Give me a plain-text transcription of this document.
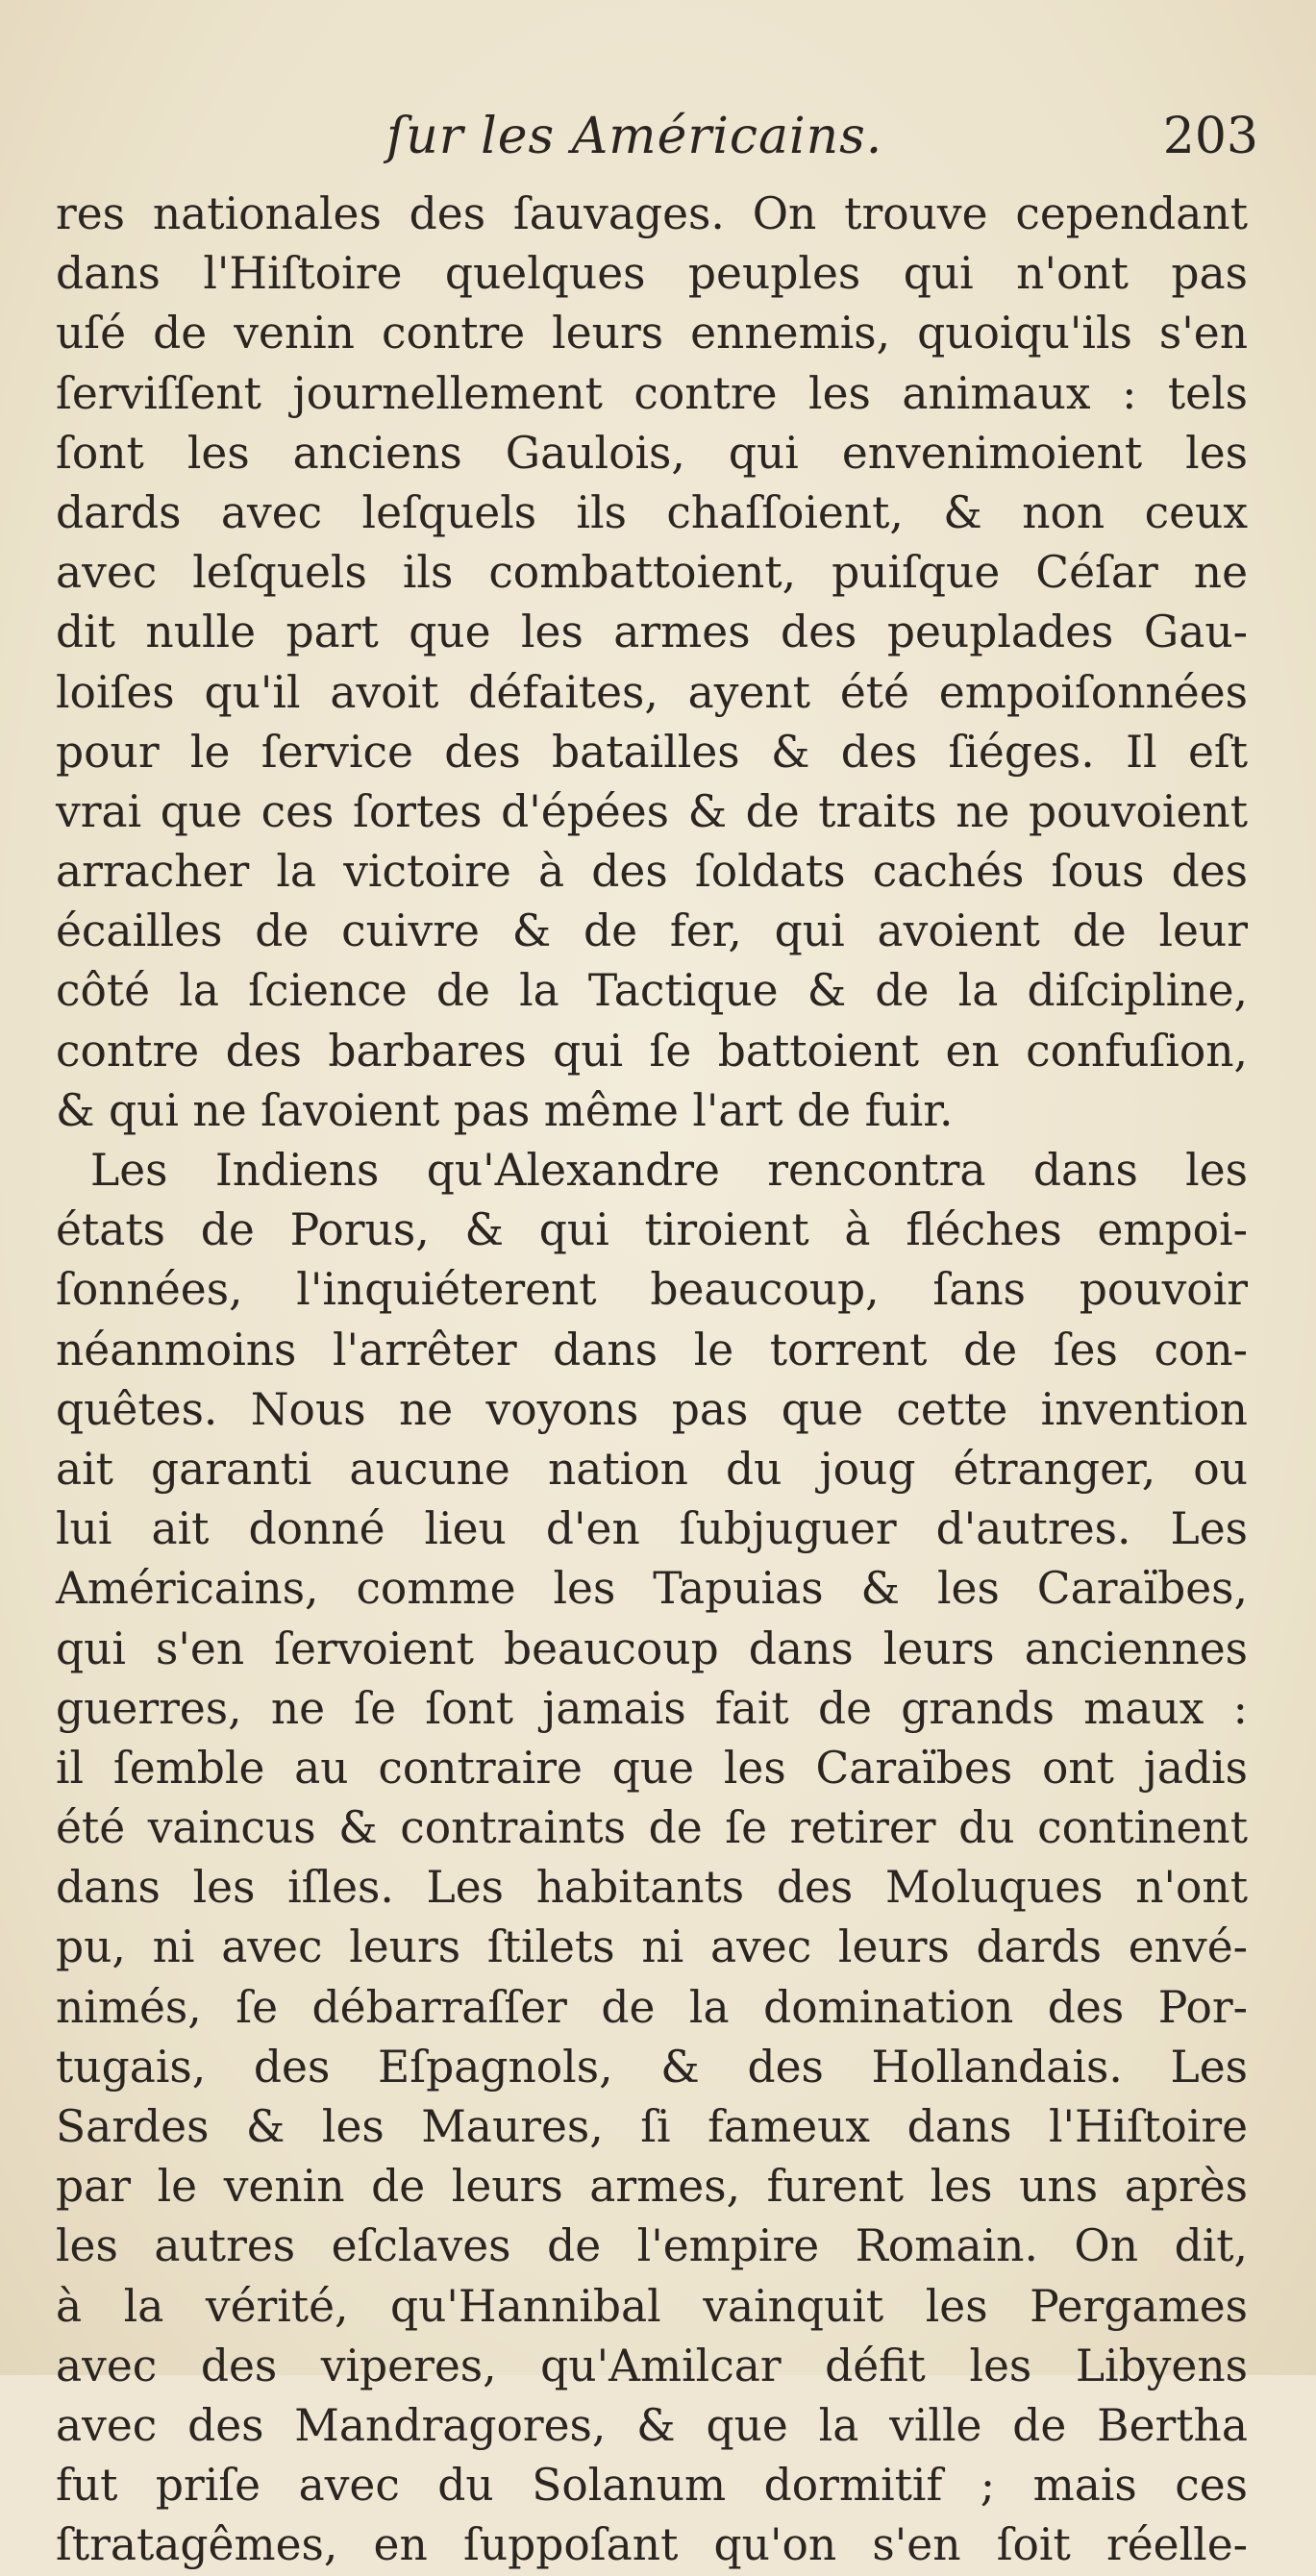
ſur les Américains.	203
res nationales des ſauvages. On trouve cependant
dans l'Hiſtoire quelques peuples qui n'ont pas
uſé de venin contre leurs ennemis, quoiqu'ils s'en
ſerviſſent journellement contre les animaux : tels
ſont les anciens Gaulois, qui envenimoient les
dards avec leſquels ils chaſſoient, & non ceux
avec leſquels ils combattoient, puiſque Céſar ne
dit nulle part que les armes des peuplades Gau-
loiſes qu'il avoit défaites, ayent été empoiſonnées
pour le ſervice des batailles & des ſiéges. Il eſt
vrai que ces ſortes d'épées & de traits ne pouvoient
arracher la victoire à des ſoldats cachés ſous des
écailles de cuivre & de fer, qui avoient de leur
côté la ſcience de la Tactique & de la diſcipline,
contre des barbares qui ſe battoient en confuſion,
& qui ne ſavoient pas même l'art de fuir.
Les Indiens qu'Alexandre rencontra dans les
états de Porus, & qui tiroient à fléches empoi-
ſonnées, l'inquiéterent beaucoup, ſans pouvoir
néanmoins l'arrêter dans le torrent de ſes con-
quêtes. Nous ne voyons pas que cette invention
ait garanti aucune nation du joug étranger, ou
lui ait donné lieu d'en ſubjuguer d'autres. Les
Américains, comme les Tapuias & les Caraïbes,
qui s'en ſervoient beaucoup dans leurs anciennes
guerres, ne ſe ſont jamais fait de grands maux :
il ſemble au contraire que les Caraïbes ont jadis
été vaincus & contraints de ſe retirer du continent
dans les iſles. Les habitants des Moluques n'ont
pu, ni avec leurs ſtilets ni avec leurs dards envé-
nimés, ſe débarraſſer de la domination des Por-
tugais, des Eſpagnols, & des Hollandais. Les
Sardes & les Maures, ſi fameux dans l'Hiſtoire
par le venin de leurs armes, furent les uns après
les autres eſclaves de l'empire Romain. On dit,
à la vérité, qu'Hannibal vainquit les Pergames
avec des viperes, qu'Amilcar défit les Libyens
avec des Mandragores, & que la ville de Bertha
fut priſe avec du Solanum dormitif ; mais ces
ſtratagêmes, en ſuppoſant qu'on s'en ſoit réelle-
